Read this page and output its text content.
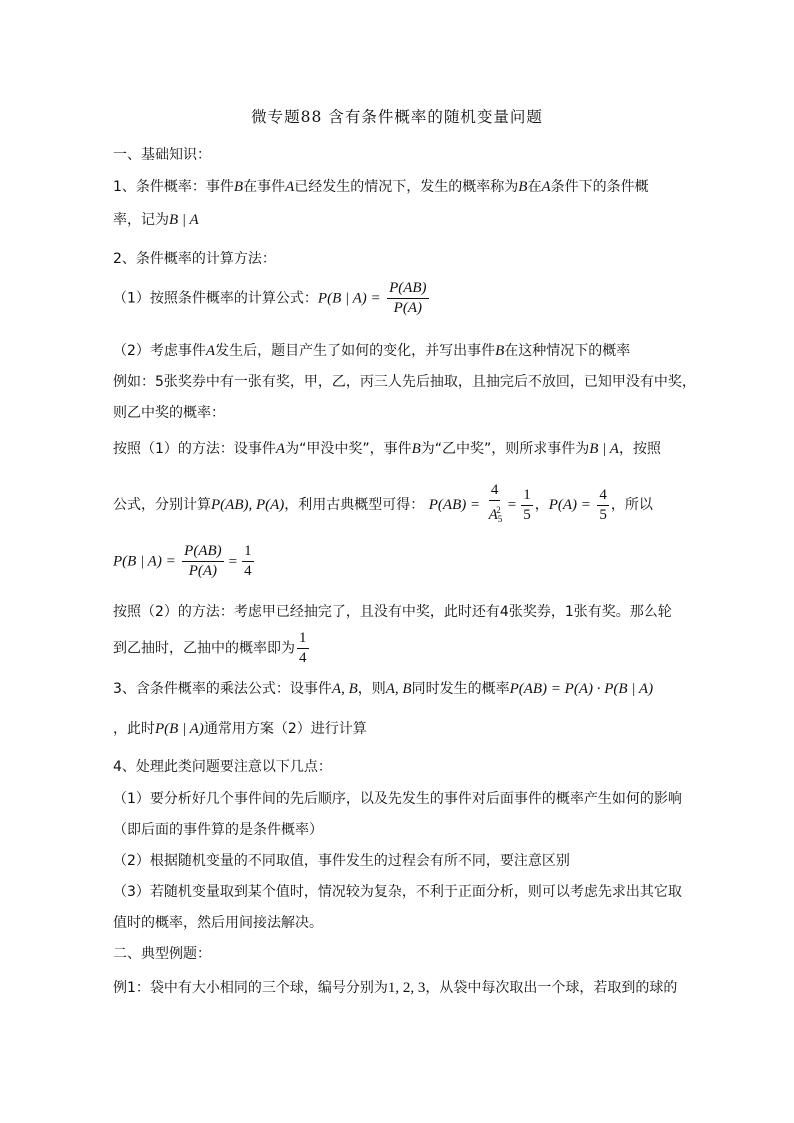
微专题88 含有条件概率的随机变量问题
一、基础知识：
1、条件概率：事件B在事件A已经发生的情况下，发生的概率称为B在A条件下的条件概
率，记为B | A
2、条件概率的计算方法：
（1）按照条件概率的计算公式：P(B | $A) = \frac{P(AB)}{P(A)}$
（2）考虑事件A发生后，题目产生了如何的变化，并写出事件B在这种情况下的概率
例如：5张奖券中有一张有奖，甲，乙，丙三人先后抽取，且抽完后不放回，已知甲没有中奖，
则乙中奖的概率：
按照（1）的方法：设事件A为“甲没中奖”，事件B为“乙中奖”，则所求事件为B | A，按照
公式，分别计算P(AB), P(A)，利用古典概型可得： $P(AB) = \frac{4}{A_5^2} = \frac{1}{5}$ ，$P(A) = \frac{4}{5}$ ，所以
P(B | $A) = \frac{P(AB)}{P(A)} = \frac{1}{4}$
按照（2）的方法：考虑甲已经抽完了，且没有中奖，此时还有4张奖券，1张有奖。那么轮
到乙抽时，乙抽中的概率即为 $\frac{1}{4}$
3、含条件概率的乘法公式：设事件A, B，则A, B同时发生的概率P(AB) = P(A) · P(B | A)
，此时P(B | A)通常用方案（2）进行计算
4、处理此类问题要注意以下几点：
（1）要分析好几个事件间的先后顺序，以及先发生的事件对后面事件的概率产生如何的影响
（即后面的事件算的是条件概率）
（2）根据随机变量的不同取值，事件发生的过程会有所不同，要注意区别
（3）若随机变量取到某个值时，情况较为复杂，不利于正面分析，则可以考虑先求出其它取
值时的概率，然后用间接法解决。
二、典型例题：
例1：袋中有大小相同的三个球，编号分别为1, 2, 3，从袋中每次取出一个球，若取到的球的
